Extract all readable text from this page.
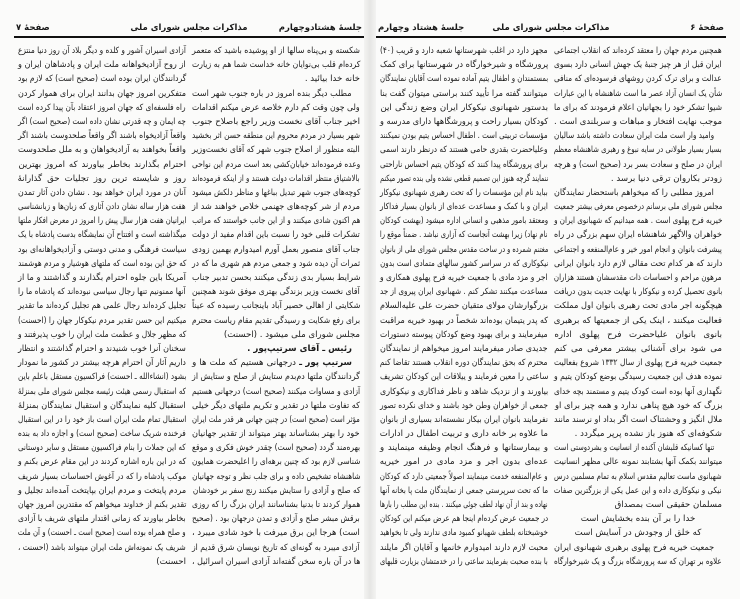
جلسهٔ هشتادوچهارم
مذاکرات مجلس شورای ملی
صفحهٔ ۷
شکسته و بی‌پناه سالها از او پوشیده باشید که متعمر
کرده‌ام قلب بی‌نوایان خانه خداست شما هم به زیارت
خانه خدا بیائید .
مطلب دیگر بنده امروز در باره جنوب شهر است
ولی چون وقت کم دارم خلاصه عرض میکنم اقدامات
اخیر جناب آقای نخست وزیر راجع باصلاح جنوب
شهر بسیار در مردم محروم این منطقه حسن اثر بخشید
البته منظور از اصلاح جنوب شهر که آقای نخست‌وزیر
وعده فرموده‌اند خیابان‌کشی بعد است مردم این نواحی
بالاشتیاق منتظر اقدامات دولت هستند و از اینکه فرموده‌اند
کوچه‌های جنوب شهر تبدیل بباغها و مناظر دلکش میشود
مردم از شر کوچه‌های جهنمی خلاص خواهند شد از
هم اکنون شادی میکنند و از این جانب خواستند که مراتب
تشکرات قلبی خود را نسبت باین اقدام مفید از دولت
جناب آقای منصور بعمل آورم امیدوارم بهمین زودی
ثمرات آن دیده شود و جمعی مردم هم شهری ما که در
شرایط بسیار بدی زندگی میکنند بحسن تدبیر جناب
آقای نخست وزیر بزندگی بهتری موفق شوند همچنین
شکایتی از اهالی حصیر آباد باینجانب رسیده که عیناً
برای رفع شکایت و رسیدگی تقدیم مقام ریاست محترم
مجلس شورای ملی میشود . (احسنت)
رئیس ـ آقای سرتیپ‌پور .
سرتیپ پور ـ درجهانی هستیم که ملت ها و
گردانندگان ملتها دم‌بدم ستایش از صلح و ستایش از
آزادی و مساوات میکنند (صحیح است) درجهانی هستیم
که تفاوت ملتها در تقدیر و تکریم ملتهای دیگر خیلی
مؤثر است (صحیح است) در چنین جهانی هر قدر ملت ایران
خود را بهتر بشناساند بهتر میتواند از تقدیر جهانیان
بهره‌مند گردد (صحیح است) چقدر خوش فکری و موقع
شناسی لازم بود که چنین برهه‌ای را اعلیحضرت همایون
شاهنشاه تشخیص داده و برای جلب نظر و توجه جهانیان
که صلح و آزادی را ستایش میکنند رنج سفر بر خودشان
هموار کردند تا بدنیا بشناسانند ایران بزرگ را که روزی
برقش مبشر صلح و آزادی و تمدن درجهان بود . (صحیح
است) هرجا این برق میرفت با خود شادی میبرد ،
آزادی میبرد به گونه‌ای که تاریخ نویسان شرق قدیم از
ها در آن باره سخن گفته‌اند آزادی اسیران اسرائیل ،
آزادی اسیران آشور و کلده و دیگر بلاد آن روز دنیا منتزع
از روح آزادیخواهانه ملت ایران و پادشاهان ایران و
گردانندگان ایران بوده است (صحیح است) که لازم بود
متفکرین امروز جهان بدانند ایران برای هموار کردن
راه فلسفه‌ای که جهان امروز اعتقاد بآن پیدا کرده است
چه ایمان و چه قدرتی نشان داده است (صحیح است) اگر
واقعاً آزادیخواه باشند اگر واقعاً صلحدوست باشند اگر
واقعاً بخواهند به آزادیخواهان و به ملل صلحدوست
احترام بگذارند بخاطر بیاورند که امروز بهترین
روز و شایسته ترین روز تجلیات حق گذارانهٔ
آنان در مورد ایران خواهد بود . نشان دادن آثار تمدن
هفت هزار ساله نشان دادن آثاری که زبان‌ها و زبانشناسی
ایرانیان هفت هزار سال پیش را امروز در معرض افکار ملتها
میگذاشته است و افتتاح آن نمایشگاه بدست پادشاه با یک
سیاست فرهنگی و مدنی دوستی و آزادیخواهانه‌ای بود
که حق این بوده است که ملتهای هوشیار و مردم هوشمند
آمریکا باین جلوه احترام بگذارند و گذاشتند و ما از
آنها ممنونیم تنها رجال سیاسی نبوده‌اند که پادشاه ما را
تجلیل کرده‌اند رجال علمی هم تجلیل کرده‌اند ما تقدیر
میکنیم این حسن تقدیر مردم نیکوکار جهان را (احسنت)
که مظهر جلال و عظمت ملت ایران را خوب پذیرفتند و
سخنان آنرا خوب شنیدند و احترام گذاشتند و انتظار
داریم آثار آن احترام هرچه بیشتر در کشور ما نمودار
بشود (انشاءالله ـ احسنت) فراکسیون مستقل باعلم باین
که استقبال رسمی هیئت رئیسه مجلس شورای ملی بمنزلهٔ
استقبال کلیه نمایندگان و استقبال نمایندگان بمنزلهٔ
استقبال تمام ملت ایران است باز خود را در این استقبال
فرخنده شریک ساخت (صحیح است) و اجازه داد به بنده
که این جملات را بنام فراکسیون مستقل و سایر دوستانی
که در این باره اشاره کردند در این مقام عرض بکنم و
موکب پادشاه را که در آغوش احساسات بسیار شریف
مردم پایتخت و مردم ایران بپایتخت آمده‌اند تجلیل و
تقدیر بکنم از خداوند میخواهم که مقتدرین امروز جهان
بخاطر بیاورند که زمانی اقتدار ملتهای شریف با آزادی
و صلح همراه بوده است (صحیح است ـ احسنت) و آن ملت
شریف یک نمونه‌اش ملت ایران میتواند باشد (احسنت ،
احسنت)
جلسهٔ هشتاد وچهارم	مذاکرات مجلس شورای ملی	صفحهٔ ۶
همچنین مردم جهان را معتقد کرده‌اند که انقلاب اجتماعی
ایران قبل از هر چیز جنبهٔ یک جهش انسانی دارد بسوی
عدالت و برای ترک کردن روشهای فرسوده‌ای که منافی
شأن یک انسان آزاد عصر ما است شاهنشاه با این عبارات
شیوا تشکر خود را بجهانیان اعلام فرمودند که برای ما
موجب نهایت افتخار و مباهات و سربلندی است .
وامید وار است ملت ایران سعادت داشته باشد سالیان
بسیار بسیار طولانی در سایه نبوغ و رهبری شاهنشاه معظم
ایران در صلح و سعادت بسر برد (صحیح است) و هرچه
زودتر بکاروان ترقی دنیا برسد .
امروز مطلبی را که میخواهم باستحضار نمایندگان
مجلس شورای ملی برسانم درخصوص معرفی بیشتر جمعیت
خیریه فرح پهلوی است . همه میدانیم که شهبانوی ایران و
خواهران والاگهر شاهنشاه ایران سهم بزرگی در راه
پیشرفت بانوان و انجام امور خیر و عام‌المنفعه و اجتماعی
دارند که هر کدام تحت مقالی لازم دارد بانوان ایرانی
مرهون مراحم و احساسات ذات مقدسشان هستند هزاران
بانوی تحصیل کرده و نیکوکار با نهایت جدیت بدون دریافت
هیچگونه اجر مادی تحت رهبری بانوان اول مملکت
فعالیت میکنند ، اینک یکی از جمعیتها که برهبری
بانوی بانوان علیاحضرت فرح پهلوی اداره
می شود برای آشنائی بیشتر معرفی می کنم
جمعیت خیریه فرح پهلوی از سال ۱۳۳۲ شروع بفعالیت
نموده هدف این جمعیت رسیدگی بوضع کودکان یتیم و
نگهداری آنها بوده است کودک یتیم و مستمند بچه خدای
بزرگ که خود هیچ پناهی ندارد و همه چیز برای او
ملال انگیز و وحشتناک است اگر بداد او نرسند مانند
شکوفه‌ای که هنوز باز نشده پرپر میگردد .
تنها کسانیکه قلبشان آکنده از انسانیت و بشردوستی است
میتوانند بکمک آنها بشتابند نمونه عالی مظهر انسانیت
شهبانوی ماست تعالیم مقدس اسلام به تمام مسلمین درس
نیکی و نیکوکاری داده و این عمل یکی از بزرگترین صفات
مسلمان حقیقی است بمصداق
خدا را بر آن بنده بخشایش است
که خلق از وجودش در آسایش است
جمعیت خیریه فرح پهلوی برهبری شهبانوی ایران
علاوه بر تهران که سه پرورشگاه بزرگ و یک شیرخوارگاه
مجهز دارد در اغلب شهرستانها شعبه دارد و قریب (۴۰)
پرورشگاه و شیرخوارگاه در شهرستانها برای کمک
بمستمندان و اطفال یتیم آماده نموده است آقایان نمایندگان
میتوانند گفته مرا تأیید کنند براستی میتوان گفت بنا
بدستور شهبانوی نیکوکار ایران وضع زندگی این
کودکان بسیار راحت و پرورشگاهها دارای مدرسه و
مؤسسات تربیتی است . اطفال احساس یتیم بودن نمیکنند
وعلیاحضرت بقدری حامی هستند که درنظر دارند اسمی
برای پرورشگاه پیدا کنند که کودکان یتیم احساس ناراحتی
ننمایند گرچه هنوز این تصمیم قطعی نشده ولی بنده تصور میکنم
بباید نام این مؤسسات را که تحت رهبری شهبانوی نیکوکار
ایران و با کمک و مساعدت عده‌ای از بانوان بسیار فداکار
ومعتقد بامور مذهبی و انسانی اداره میشود (بهشت کودکان
نام نهاد) زیرا بهشت آنجاست که آزاری نباشد . ضمناً موقع را
مغتنم شمرده و در ساحت مقدس مجلس شورای ملی از بانوان
نیکوکاری که در سراسر کشور سالهای متمادی است بدون
اجر و مزد مادی با جمعیت خیریه فرح پهلوی همکاری و
مساعدت میکنند تشکر کنم . شهبانوی ایران پیروی از جد
بزرگوارشان مولای متقیان حضرت علی علیه‌السلام
که پدر یتیمان بوده‌اند شخصاً در بهبود خیریه مراقبت
میفرمایند و برای بهبود وضع کودکان پیوسته دستورات
جدیدی صادر میفرمایند امروز میخواهم از نمایندگان
محترم که بحق نمایندگان دوره انقلاب هستند تقاضا کنم
ساعتی را معین فرمایند و ییلاقات این کودکان تشریف
بیاورند و از نزدیک شاهد و ناظر فداکاری و نیکوکاری
جمعی از خواهران وطن خود باشند و خدای نکرده تصور
نفرمایند بانوان ایران بیکار نشسته‌اند بسیاری از بانوان
ما علاوه بر خانه داری و تربیت اطفال در ادارات
و بیمارستانها و فرهنگ انجام وظیفه مینمایند و
عده‌ای بدون اجر و مزد مادی در امور خیریه
و عام‌المنفعه خدمت مینمایند اصولاً جمعیتی دارد که کودکان
ما که تحت سرپرستی جمعی از نمایندگان ملت پا بخانه آنها
نهاده و بند از آن نهاد لطف جوئی میکنند . بنده این مطلب را بارها
در جمعیت عرض کرده‌ام اینجا هم عرض میکنم این کودکان
خوشبختانه بلطف شهبانو کمبود مادی ندارند ولی تا بخواهید
محبت لازم دارند امیدوارم خانمها و آقایان اگر مایلند
با بنده صحبت بفرمایند ساعتی را در خدمتشان بزیارت قلبهای
